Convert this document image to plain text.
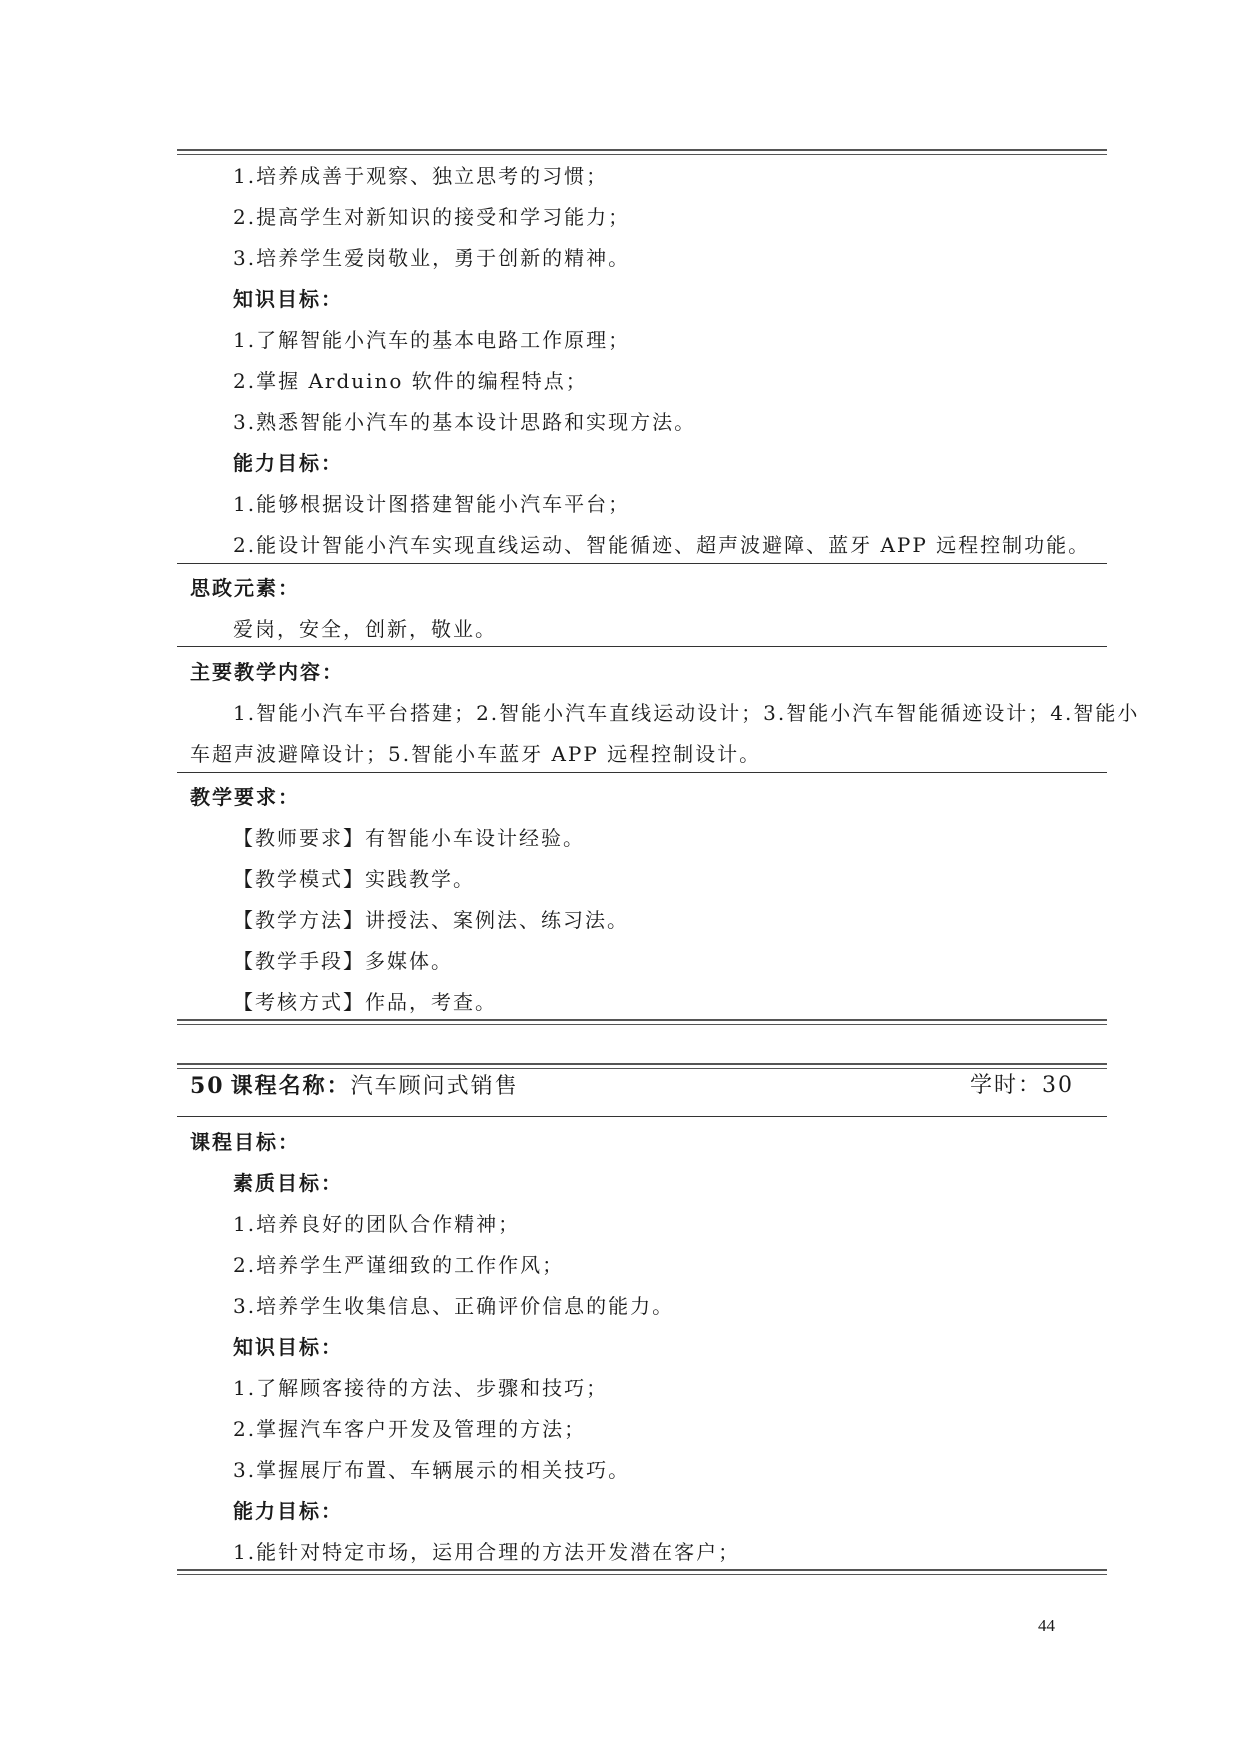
1.培养成善于观察、独立思考的习惯；
2.提高学生对新知识的接受和学习能力；
3.培养学生爱岗敬业，勇于创新的精神。
知识目标：
1.了解智能小汽车的基本电路工作原理；
2.掌握 Arduino 软件的编程特点；
3.熟悉智能小汽车的基本设计思路和实现方法。
能力目标：
1.能够根据设计图搭建智能小汽车平台；
2.能设计智能小汽车实现直线运动、智能循迹、超声波避障、蓝牙 APP 远程控制功能。
思政元素：
爱岗，安全，创新，敬业。
主要教学内容：
1.智能小汽车平台搭建；2.智能小汽车直线运动设计；3.智能小汽车智能循迹设计；4.智能小
车超声波避障设计；5.智能小车蓝牙 APP 远程控制设计。
教学要求：
【教师要求】有智能小车设计经验。
【教学模式】实践教学。
【教学方法】讲授法、案例法、练习法。
【教学手段】多媒体。
【考核方式】作品，考查。
50 课程名称：汽车顾问式销售	学时：30
课程目标：
素质目标：
1.培养良好的团队合作精神；
2.培养学生严谨细致的工作作风；
3.培养学生收集信息、正确评价信息的能力。
知识目标：
1.了解顾客接待的方法、步骤和技巧；
2.掌握汽车客户开发及管理的方法；
3.掌握展厅布置、车辆展示的相关技巧。
能力目标：
1.能针对特定市场，运用合理的方法开发潜在客户；
44
